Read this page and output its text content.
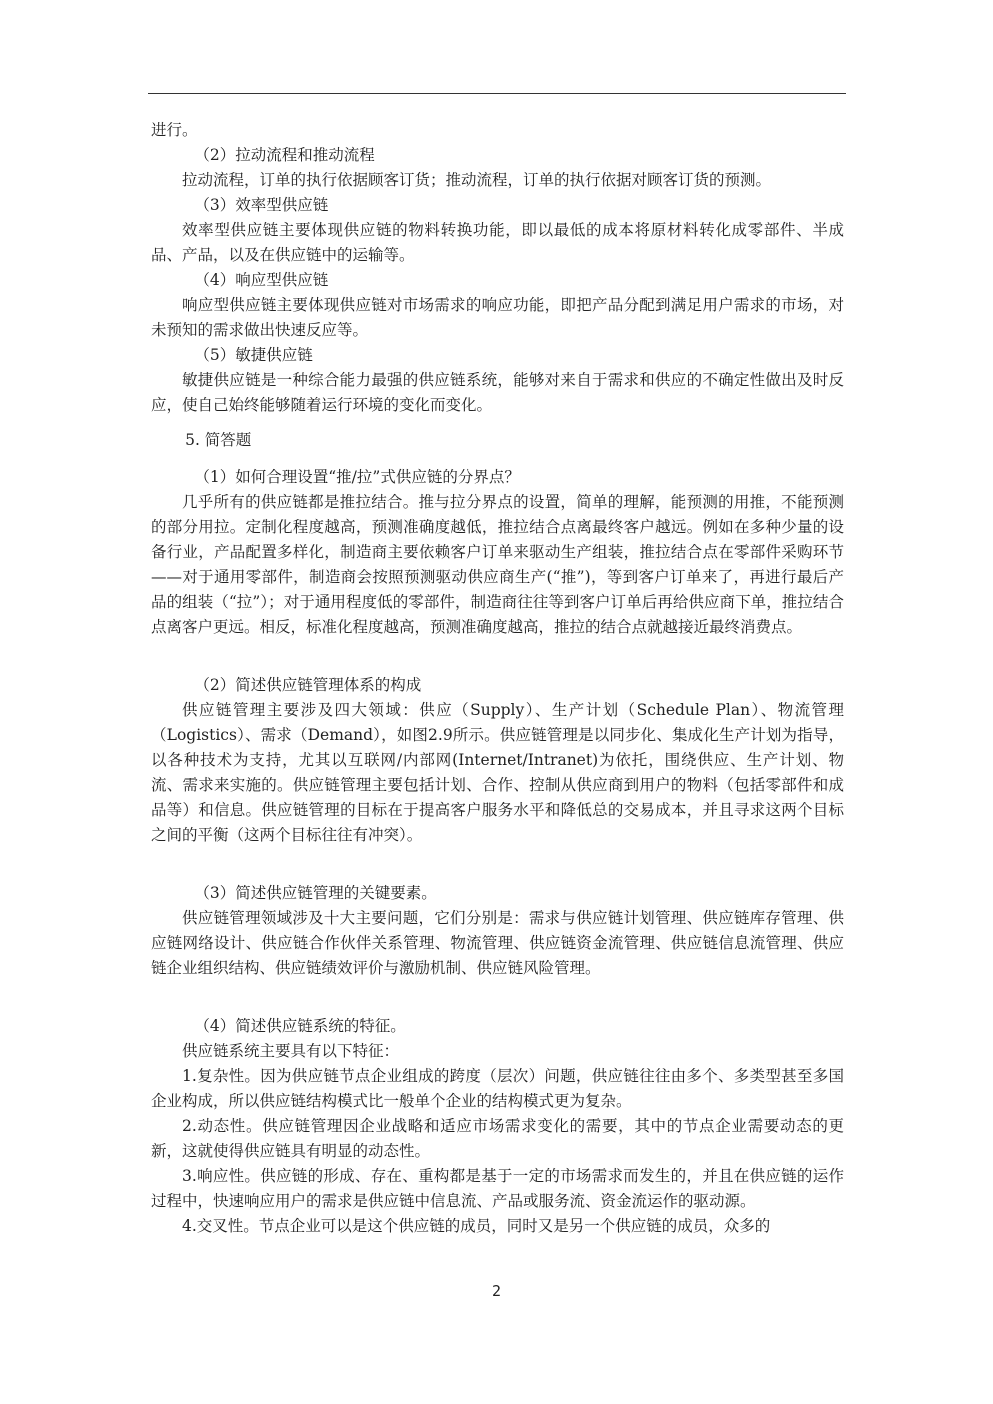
进行。

（2）拉动流程和推动流程

拉动流程，订单的执行依据顾客订货；推动流程，订单的执行依据对顾客订货的预测。

（3）效率型供应链

效率型供应链主要体现供应链的物料转换功能，即以最低的成本将原材料转化成零部件、半成品、产品，以及在供应链中的运输等。

（4）响应型供应链

响应型供应链主要体现供应链对市场需求的响应功能，即把产品分配到满足用户需求的市场，对未预知的需求做出快速反应等。

（5）敏捷供应链

敏捷供应链是一种综合能力最强的供应链系统，能够对来自于需求和供应的不确定性做出及时反应，使自己始终能够随着运行环境的变化而变化。

5. 简答题

（1）如何合理设置“推/拉”式供应链的分界点？

几乎所有的供应链都是推拉结合。推与拉分界点的设置，简单的理解，能预测的用推，不能预测的部分用拉。定制化程度越高，预测准确度越低，推拉结合点离最终客户越远。例如在多种少量的设备行业，产品配置多样化，制造商主要依赖客户订单来驱动生产组装，推拉结合点在零部件采购环节——对于通用零部件，制造商会按照预测驱动供应商生产(“推”)，等到客户订单来了，再进行最后产品的组装（“拉”）；对于通用程度低的零部件，制造商往往等到客户订单后再给供应商下单，推拉结合点离客户更远。相反，标准化程度越高，预测准确度越高，推拉的结合点就越接近最终消费点。

（2）简述供应链管理体系的构成

供应链管理主要涉及四大领域：供应（Supply）、生产计划（Schedule Plan）、物流管理（Logistics）、需求（Demand），如图2.9所示。供应链管理是以同步化、集成化生产计划为指导，以各种技术为支持，尤其以互联网/内部网(Internet/Intranet)为依托，围绕供应、生产计划、物流、需求来实施的。供应链管理主要包括计划、合作、控制从供应商到用户的物料（包括零部件和成品等）和信息。供应链管理的目标在于提高客户服务水平和降低总的交易成本，并且寻求这两个目标之间的平衡（这两个目标往往有冲突）。

（3）简述供应链管理的关键要素。

供应链管理领域涉及十大主要问题，它们分别是：需求与供应链计划管理、供应链库存管理、供应链网络设计、供应链合作伙伴关系管理、物流管理、供应链资金流管理、供应链信息流管理、供应链企业组织结构、供应链绩效评价与激励机制、供应链风险管理。

（4）简述供应链系统的特征。

供应链系统主要具有以下特征：

1.复杂性。因为供应链节点企业组成的跨度（层次）问题，供应链往往由多个、多类型甚至多国企业构成，所以供应链结构模式比一般单个企业的结构模式更为复杂。

2.动态性。供应链管理因企业战略和适应市场需求变化的需要，其中的节点企业需要动态的更新，这就使得供应链具有明显的动态性。

3.响应性。供应链的形成、存在、重构都是基于一定的市场需求而发生的，并且在供应链的运作过程中，快速响应用户的需求是供应链中信息流、产品或服务流、资金流运作的驱动源。

4.交叉性。节点企业可以是这个供应链的成员，同时又是另一个供应链的成员，众多的

2
